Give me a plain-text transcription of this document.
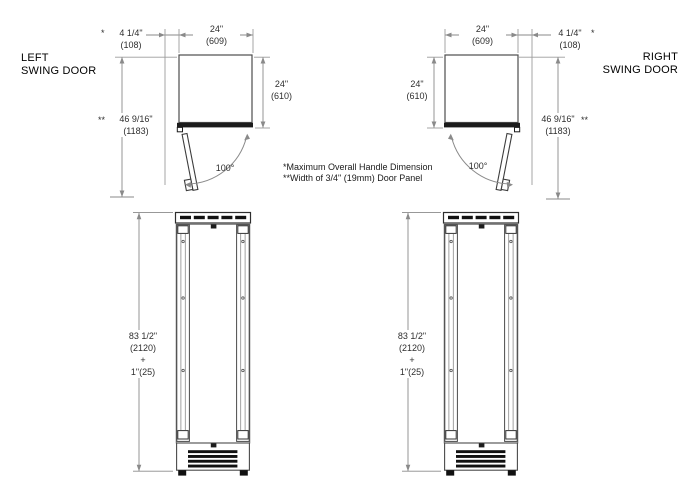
LEFT
SWING DOOR
RIGHT
SWING DOOR
*Maximum Overall Handle Dimension
**Width of 3/4" (19mm) Door Panel
*	4 1/4"
(108)
24"
(609)
24"
(610)
**	46 9/16"
(1183)
100°
24"
(609)
4 1/4"
(108)
*
24"
(610)
46 9/16"
(1183)
**
100°
83 1/2"
(2120)
+
1"(25)
83 1/2"
(2120)
+
1"(25)
